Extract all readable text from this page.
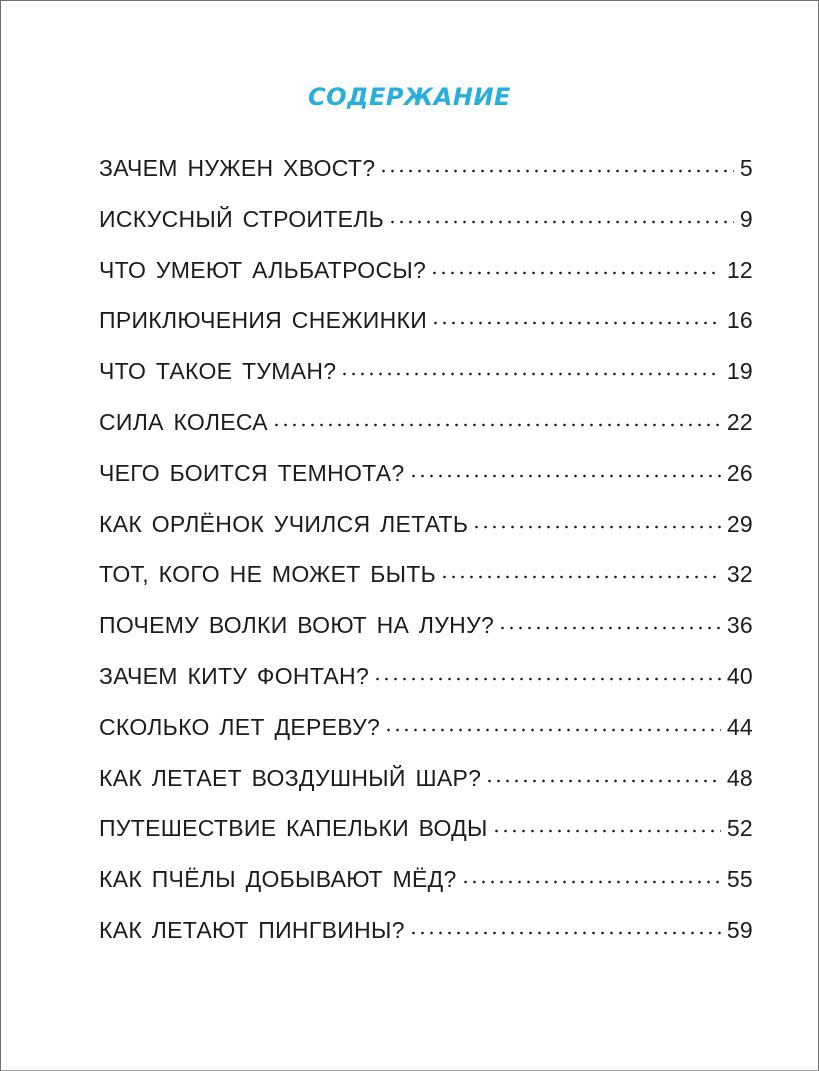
СОДЕРЖАНИЕ
ЗАЧЕМ НУЖЕН ХВОСТ?	5
ИСКУСНЫЙ СТРОИТЕЛЬ	9
ЧТО УМЕЮТ АЛЬБАТРОСЫ?	12
ПРИКЛЮЧЕНИЯ СНЕЖИНКИ	16
ЧТО ТАКОЕ ТУМАН?	19
СИЛА КОЛЕСА	22
ЧЕГО БОИТСЯ ТЕМНОТА?	26
КАК ОРЛЁНОК УЧИЛСЯ ЛЕТАТЬ	29
ТОТ, КОГО НЕ МОЖЕТ БЫТЬ	32
ПОЧЕМУ ВОЛКИ ВОЮТ НА ЛУНУ?	36
ЗАЧЕМ КИТУ ФОНТАН?	40
СКОЛЬКО ЛЕТ ДЕРЕВУ?	44
КАК ЛЕТАЕТ ВОЗДУШНЫЙ ШАР?	48
ПУТЕШЕСТВИЕ КАПЕЛЬКИ ВОДЫ	52
КАК ПЧЁЛЫ ДОБЫВАЮТ МЁД?	55
КАК ЛЕТАЮТ ПИНГВИНЫ?	59
